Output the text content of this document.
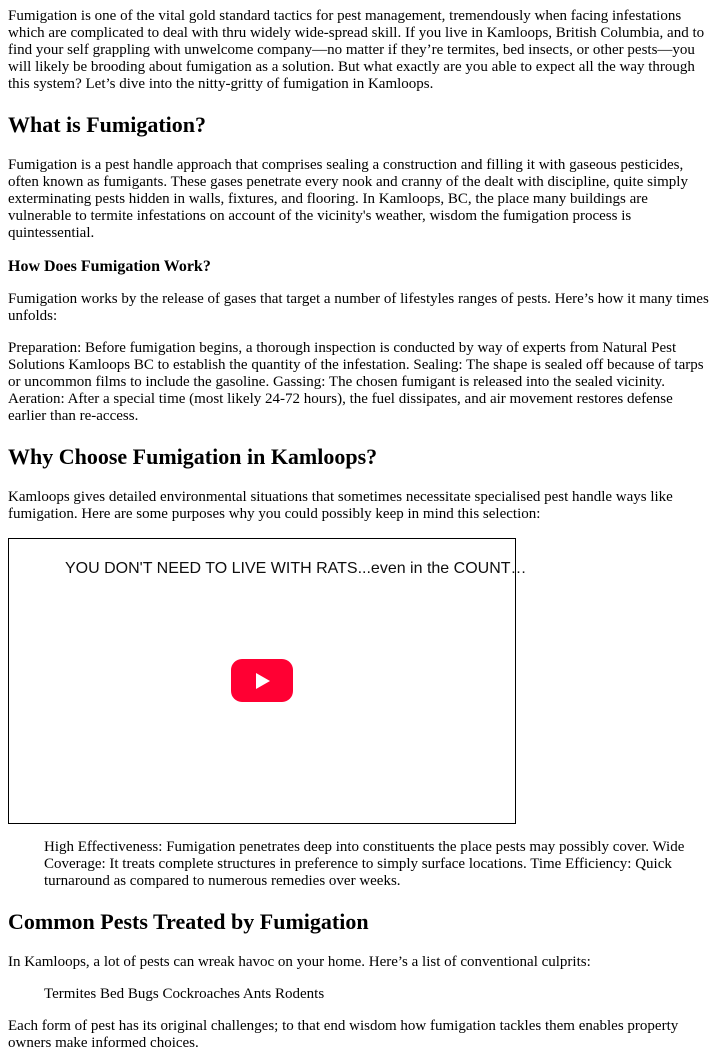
Fumigation is one of the vital gold standard tactics for pest management, tremendously when facing infestations which are complicated to deal with thru widely wide-spread skill. If you live in Kamloops, British Columbia, and to find your self grappling with unwelcome company—no matter if they’re termites, bed insects, or other pests—you will likely be brooding about fumigation as a solution. But what exactly are you able to expect all the way through this system? Let’s dive into the nitty-gritty of fumigation in Kamloops.

What is Fumigation?

Fumigation is a pest handle approach that comprises sealing a construction and filling it with gaseous pesticides, often known as fumigants. These gases penetrate every nook and cranny of the dealt with discipline, quite simply exterminating pests hidden in walls, fixtures, and flooring. In Kamloops, BC, the place many buildings are vulnerable to termite infestations on account of the vicinity's weather, wisdom the fumigation process is quintessential.

How Does Fumigation Work?

Fumigation works by the release of gases that target a number of lifestyles ranges of pests. Here’s how it many times unfolds:

Preparation: Before fumigation begins, a thorough inspection is conducted by way of experts from Natural Pest Solutions Kamloops BC to establish the quantity of the infestation. Sealing: The shape is sealed off because of tarps or uncommon films to include the gasoline. Gassing: The chosen fumigant is released into the sealed vicinity. Aeration: After a special time (most likely 24-72 hours), the fuel dissipates, and air movement restores defense earlier than re-access.

Why Choose Fumigation in Kamloops?

Kamloops gives detailed environmental situations that sometimes necessitate specialised pest handle ways like fumigation. Here are some purposes why you could possibly keep in mind this selection:

YOU DON'T NEED TO LIVE WITH RATS...even in the COUNT…

High Effectiveness: Fumigation penetrates deep into constituents the place pests may possibly cover. Wide Coverage: It treats complete structures in preference to simply surface locations. Time Efficiency: Quick turnaround as compared to numerous remedies over weeks.

Common Pests Treated by Fumigation

In Kamloops, a lot of pests can wreak havoc on your home. Here’s a list of conventional culprits:

Termites Bed Bugs Cockroaches Ants Rodents

Each form of pest has its original challenges; to that end wisdom how fumigation tackles them enables property owners make informed choices.
